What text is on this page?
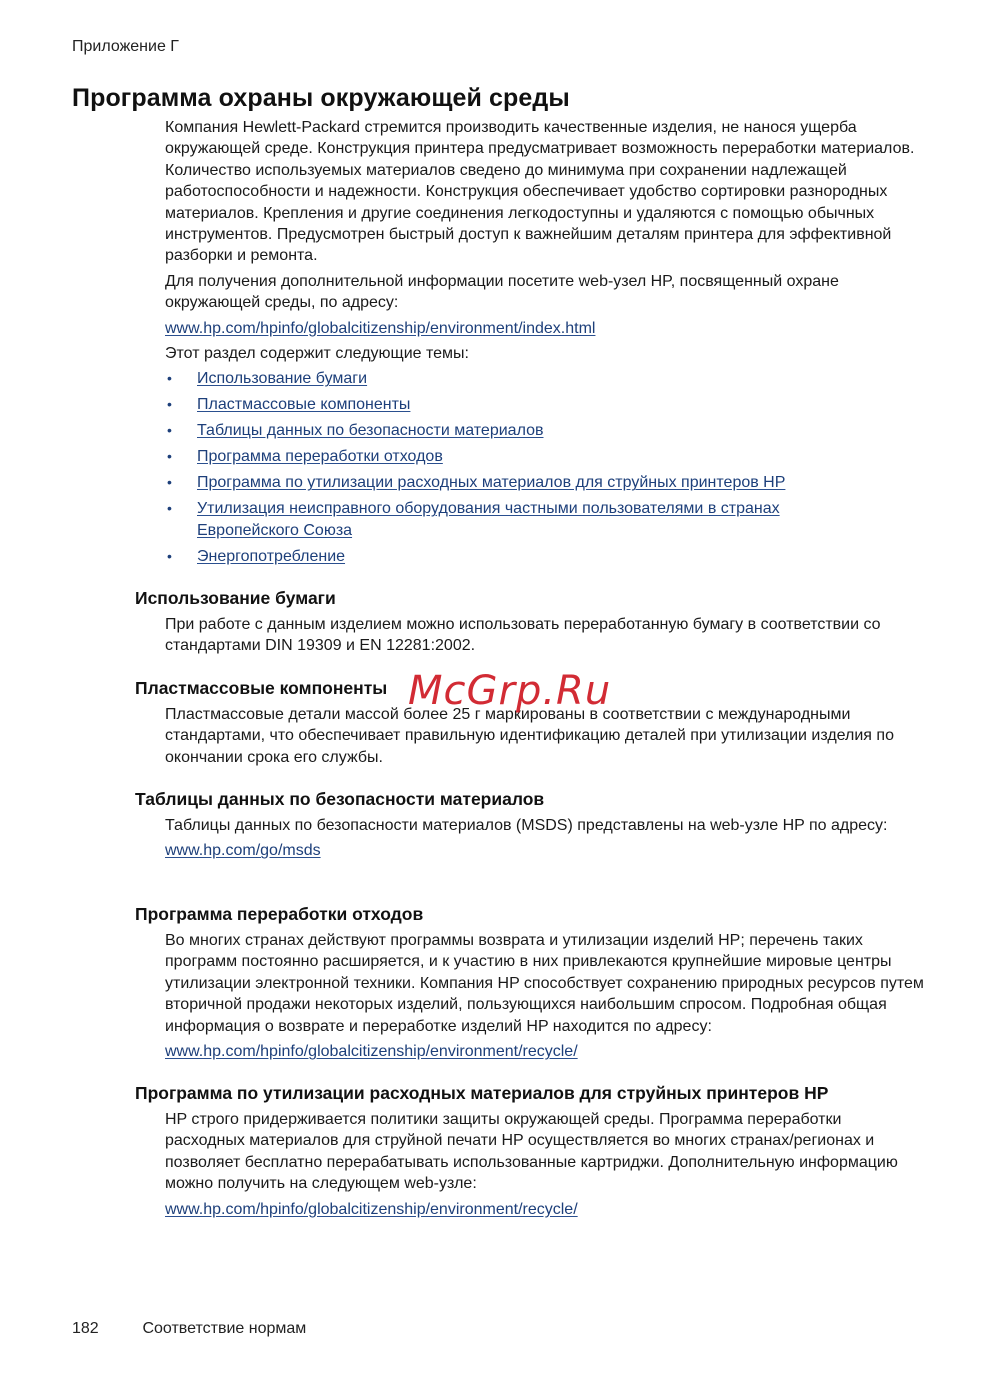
Приложение Г
Программа охраны окружающей среды

Компания Hewlett-Packard стремится производить качественные изделия, не нанося ущерба окружающей среде. Конструкция принтера предусматривает возможность переработки материалов. Количество используемых материалов сведено до минимума при сохранении надлежащей работоспособности и надежности. Конструкция обеспечивает удобство сортировки разнородных материалов. Крепления и другие соединения легкодоступны и удаляются с помощью обычных инструментов. Предусмотрен быстрый доступ к важнейшим деталям принтера для эффективной разборки и ремонта.

Для получения дополнительной информации посетите web-узел HP, посвященный охране окружающей среды, по адресу:

www.hp.com/hpinfo/globalcitizenship/environment/index.html

Этот раздел содержит следующие темы:

• Использование бумаги
• Пластмассовые компоненты
• Таблицы данных по безопасности материалов
• Программа переработки отходов
• Программа по утилизации расходных материалов для струйных принтеров HP
• Утилизация неисправного оборудования частными пользователями в странах Европейского Союза
• Энергопотребление
Использование бумаги

При работе с данным изделием можно использовать переработанную бумагу в соответствии со стандартами DIN 19309 и EN 12281:2002.

Пластмассовые компоненты

Пластмассовые детали массой более 25 г маркированы в соответствии с международными стандартами, что обеспечивает правильную идентификацию деталей при утилизации изделия по окончании срока его службы.

Таблицы данных по безопасности материалов

Таблицы данных по безопасности материалов (MSDS) представлены на web-узле HP по адресу:

www.hp.com/go/msds

Программа переработки отходов

Во многих странах действуют программы возврата и утилизации изделий HP; перечень таких программ постоянно расширяется, и к участию в них привлекаются крупнейшие мировые центры утилизации электронной техники. Компания HP способствует сохранению природных ресурсов путем вторичной продажи некоторых изделий, пользующихся наибольшим спросом. Подробная общая информация о возврате и переработке изделий HP находится по адресу:

www.hp.com/hpinfo/globalcitizenship/environment/recycle/

Программа по утилизации расходных материалов для струйных принтеров HP

HP строго придерживается политики защиты окружающей среды. Программа переработки расходных материалов для струйной печати HP осуществляется во многих странах/регионах и позволяет бесплатно перерабатывать использованные картриджи. Дополнительную информацию можно получить на следующем web-узле:

www.hp.com/hpinfo/globalcitizenship/environment/recycle/

McGrp.Ru
182	Соответствие нормам
